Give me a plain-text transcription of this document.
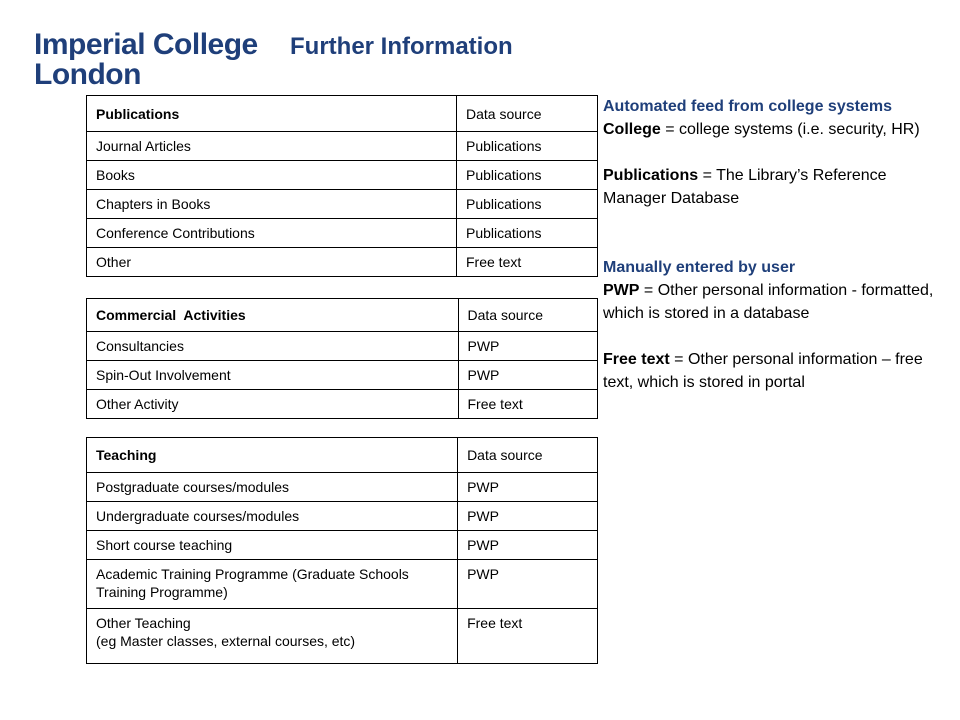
Imperial College
London
Further Information
Publications	Data source
Journal Articles	Publications
Books	Publications
Chapters in Books	Publications
Conference Contributions	Publications
Other	Free text
Commercial  Activities	Data source
Consultancies	PWP
Spin-Out Involvement	PWP
Other Activity	Free text
Teaching	Data source
Postgraduate courses/modules	PWP
Undergraduate courses/modules	PWP
Short course teaching	PWP
Academic Training Programme (Graduate Schools Training Programme)	PWP
Other Teaching
(eg Master classes, external courses, etc)	Free text
Automated feed from college systems
College = college systems (i.e. security, HR)
Publications = The Library’s Reference Manager Database
Manually entered by user
PWP = Other personal information - formatted, which is stored in a database
Free text = Other personal information – free text, which is stored in portal
